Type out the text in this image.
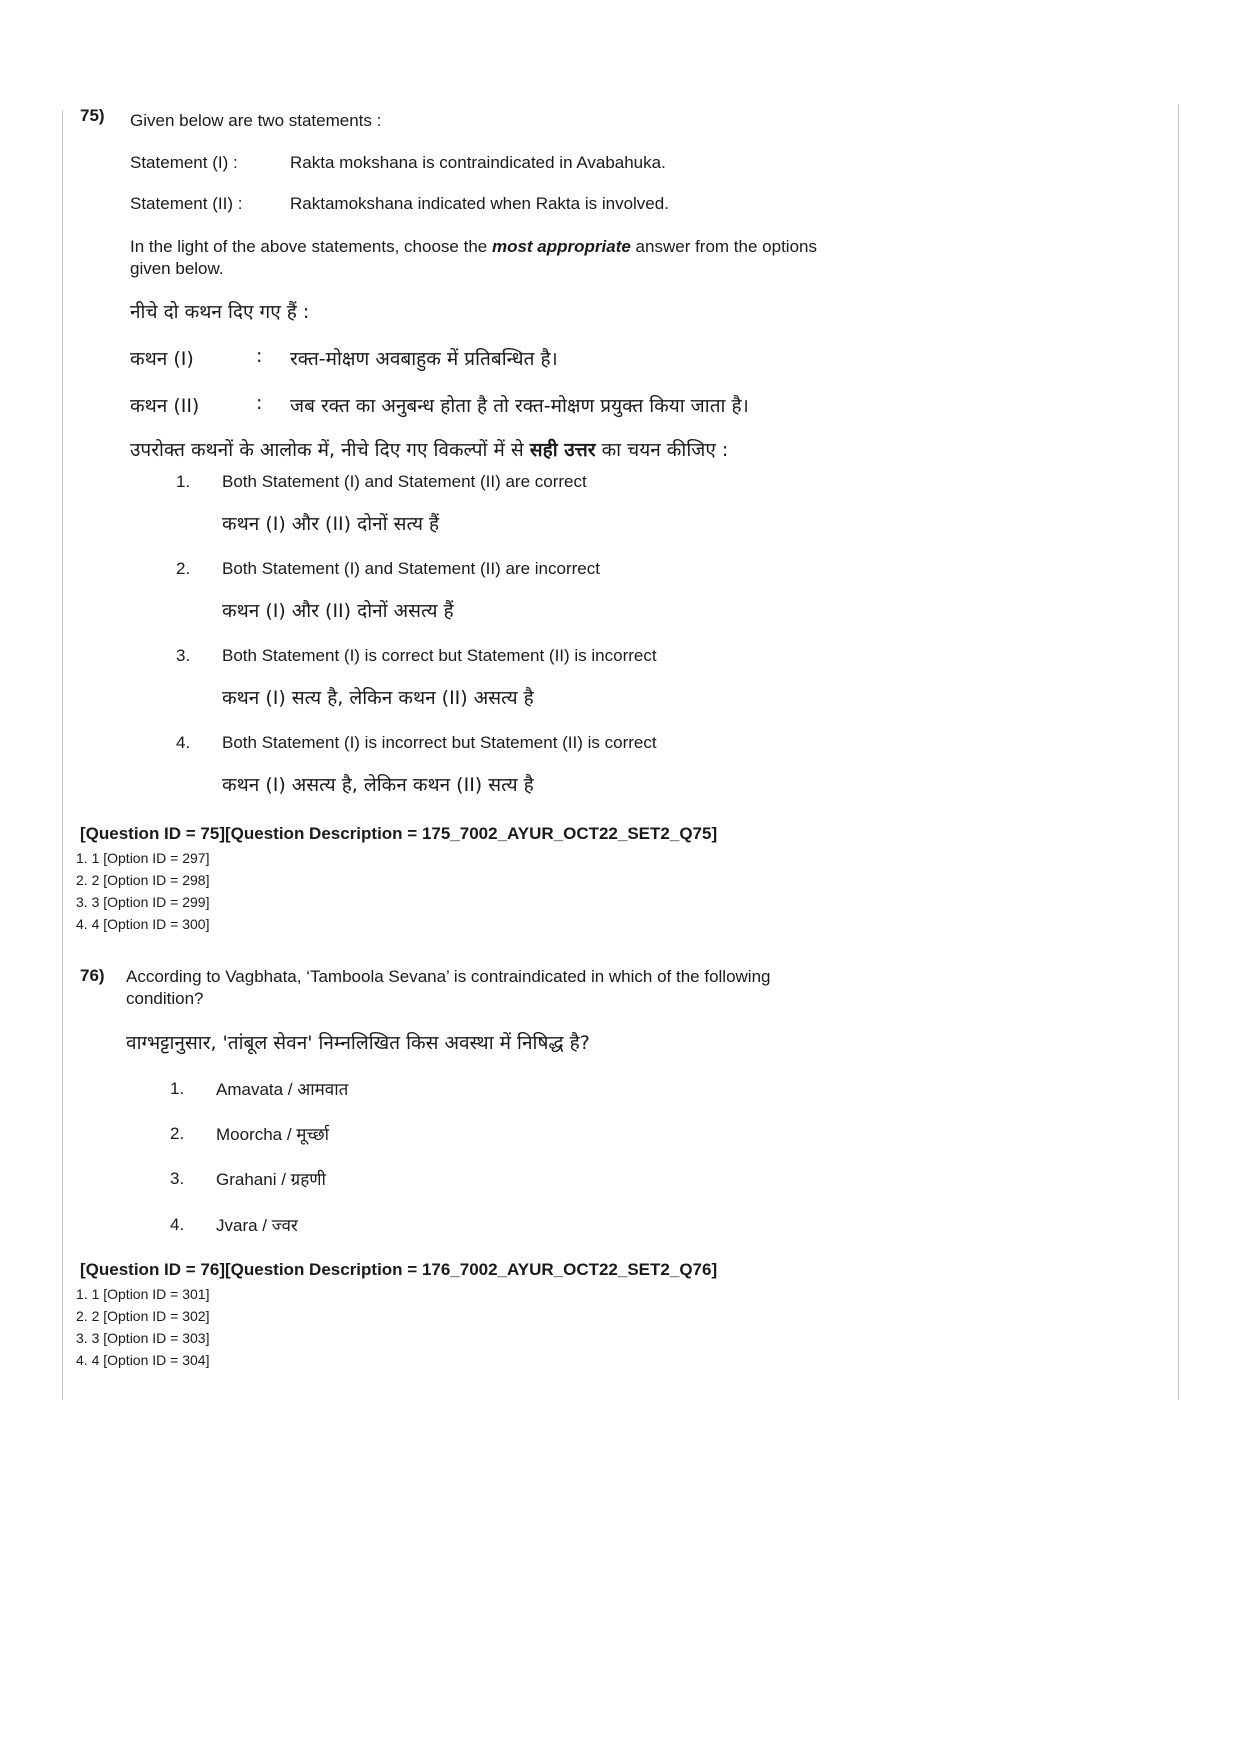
75) Given below are two statements :
Statement (I) :	Rakta mokshana is contraindicated in Avabahuka.
Statement (II) :	Raktamokshana indicated when Rakta is involved.
In the light of the above statements, choose the most appropriate answer from the options given below.
नीचे दो कथन दिए गए हैं :
कथन (I)	: रक्त-मोक्षण अवबाहुक में प्रतिबन्धित है।
कथन (II)	: जब रक्त का अनुबन्ध होता है तो रक्त-मोक्षण प्रयुक्त किया जाता है।
उपरोक्त कथनों के आलोक में, नीचे दिए गए विकल्पों में से सही उत्तर का चयन कीजिए :
1. Both Statement (I) and Statement (II) are correct
कथन (I) और (II) दोनों सत्य हैं
2. Both Statement (I) and Statement (II) are incorrect
कथन (I) और (II) दोनों असत्य हैं
3. Both Statement (I) is correct but Statement (II) is incorrect
कथन (I) सत्य है, लेकिन कथन (II) असत्य है
4. Both Statement (I) is incorrect but Statement (II) is correct
कथन (I) असत्य है, लेकिन कथन (II) सत्य है
[Question ID = 75][Question Description = 175_7002_AYUR_OCT22_SET2_Q75]
1. 1 [Option ID = 297]
2. 2 [Option ID = 298]
3. 3 [Option ID = 299]
4. 4 [Option ID = 300]
76) According to Vagbhata, ‘Tamboola Sevana’ is contraindicated in which of the following condition?
वाग्भट्टानुसार, 'तांबूल सेवन' निम्नलिखित किस अवस्था में निषिद्ध है?
1. Amavata / आमवात
2. Moorcha / मूर्च्छा
3. Grahani / ग्रहणी
4. Jvara / ज्वर
[Question ID = 76][Question Description = 176_7002_AYUR_OCT22_SET2_Q76]
1. 1 [Option ID = 301]
2. 2 [Option ID = 302]
3. 3 [Option ID = 303]
4. 4 [Option ID = 304]
